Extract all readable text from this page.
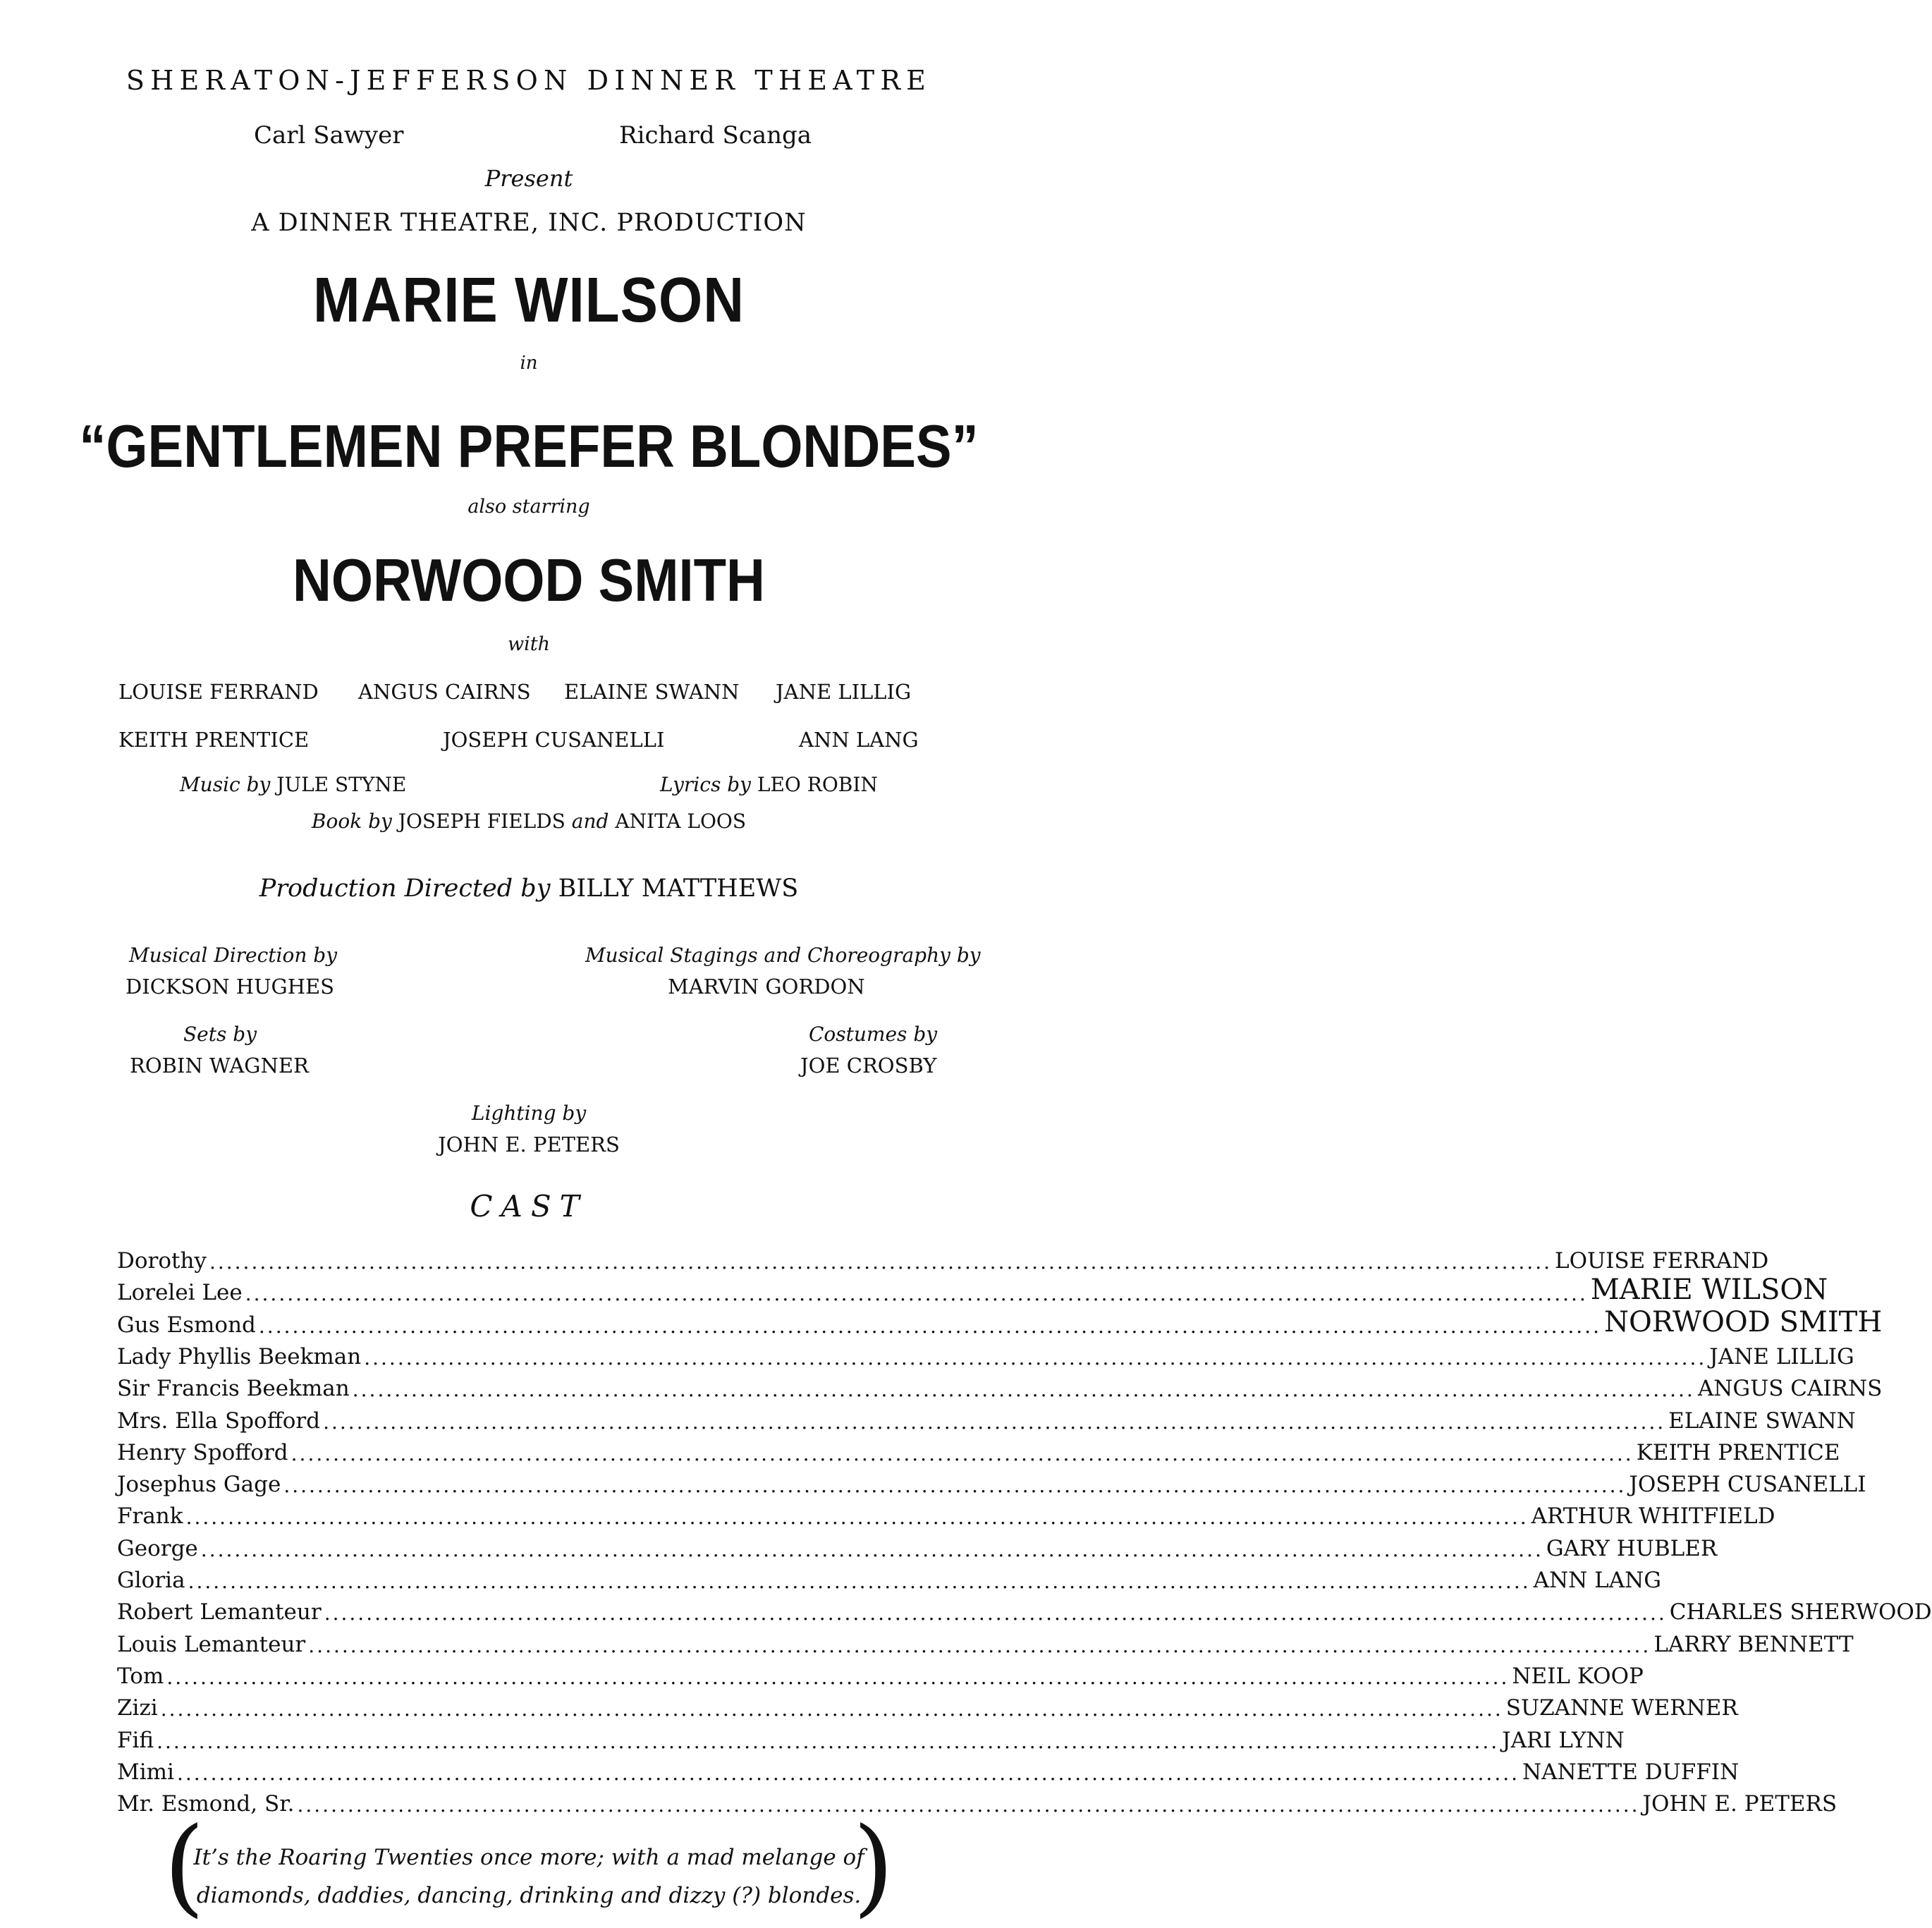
SHERATON-JEFFERSON DINNER THEATRE
Carl Sawyer	Richard Scanga
Present
A DINNER THEATRE, INC. PRODUCTION
MARIE WILSON
in
“GENTLEMEN PREFER BLONDES”
also starring
NORWOOD SMITH
with
LOUISE FERRAND ANGUS CAIRNS ELAINE SWANN JANE LILLIG
KEITH PRENTICE	JOSEPH CUSANELLI	ANN LANG
Music by JULE STYNE	Lyrics by LEO ROBIN
Book by JOSEPH FIELDS and ANITA LOOS
Production Directed by BILLY MATTHEWS
Musical Direction by
DICKSON HUGHES
Musical Stagings and Choreography by
MARVIN GORDON
Sets by
ROBIN WAGNER
Costumes by
JOE CROSBY
Lighting by
JOHN E. PETERS
CAST
Dorothy ................................................................................................................................................................ LOUISE FERRAND
Lorelei Lee ................................................................................................................................................................ MARIE WILSON
Gus Esmond ................................................................................................................................................................ NORWOOD SMITH
Lady Phyllis Beekman ................................................................................................................................................................ JANE LILLIG
Sir Francis Beekman ................................................................................................................................................................ ANGUS CAIRNS
Mrs. Ella Spofford ................................................................................................................................................................ ELAINE SWANN
Henry Spofford ................................................................................................................................................................ KEITH PRENTICE
Josephus Gage ................................................................................................................................................................ JOSEPH CUSANELLI
Frank ................................................................................................................................................................ ARTHUR WHITFIELD
George ................................................................................................................................................................ GARY HUBLER
Gloria ................................................................................................................................................................ ANN LANG
Robert Lemanteur ................................................................................................................................................................ CHARLES SHERWOOD
Louis Lemanteur ................................................................................................................................................................ LARRY BENNETT
Tom ................................................................................................................................................................ NEIL KOOP
Zizi ................................................................................................................................................................ SUZANNE WERNER
Fifi ................................................................................................................................................................ JARI LYNN
Mimi ................................................................................................................................................................ NANETTE DUFFIN
Mr. Esmond, Sr. ................................................................................................................................................................ JOHN E. PETERS
(	)
It’s the Roaring Twenties once more; with a mad melange of
diamonds, daddies, dancing, drinking and dizzy (?) blondes.
